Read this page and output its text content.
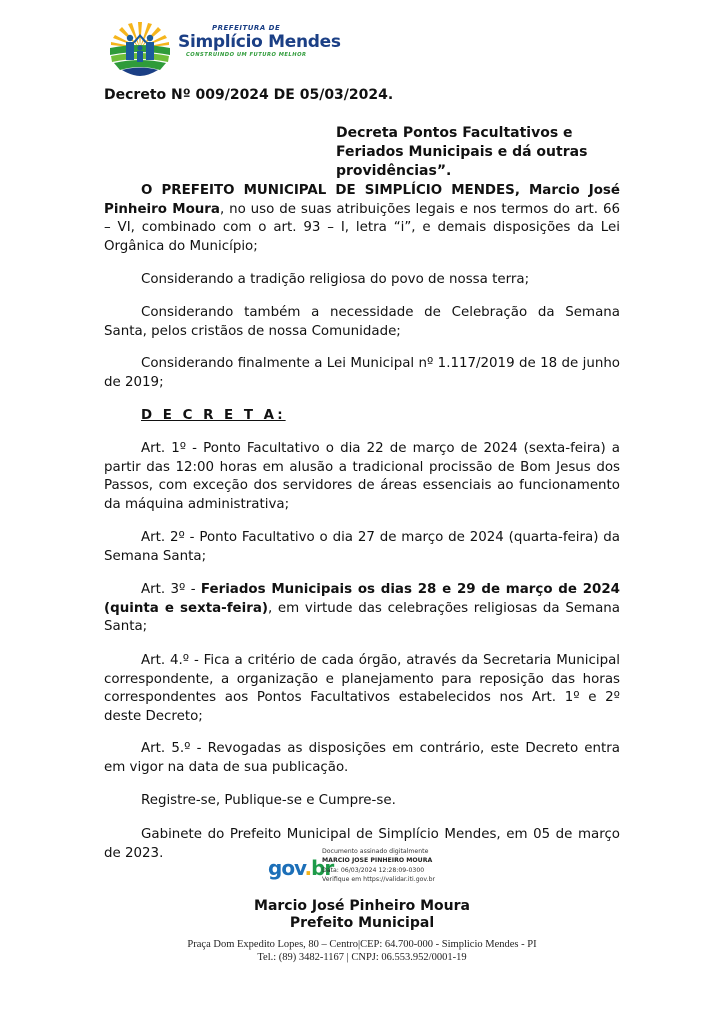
PREFEITURA DE
Simplício Mendes
CONSTRUINDO UM FUTURO MELHOR
Decreto Nº 009/2024 DE 05/03/2024.
Decreta Pontos Facultativos e Feriados Municipais e dá outras providências”.
O PREFEITO MUNICIPAL DE SIMPLÍCIO MENDES, Marcio José Pinheiro Moura, no uso de suas atribuições legais e nos termos do art. 66 – VI, combinado com o art. 93 – I, letra “i”, e demais disposições da Lei Orgânica do Município;
Considerando a tradição religiosa do povo de nossa terra;
Considerando também a necessidade de Celebração da Semana Santa, pelos cristãos de nossa Comunidade;
Considerando finalmente a Lei Municipal nº 1.117/2019 de 18 de junho de 2019;
D E C R E T A:
Art. 1º - Ponto Facultativo o dia 22 de março de 2024 (sexta-feira) a partir das 12:00 horas em alusão a tradicional procissão de Bom Jesus dos Passos, com exceção dos servidores de áreas essenciais ao funcionamento da máquina administrativa;
Art. 2º - Ponto Facultativo o dia 27 de março de 2024 (quarta-feira) da Semana Santa;
Art. 3º - Feriados Municipais os dias 28 e 29 de março de 2024 (quinta e sexta-feira), em virtude das celebrações religiosas da Semana Santa;
Art. 4.º - Fica a critério de cada órgão, através da Secretaria Municipal correspondente, a organização e planejamento para reposição das horas correspondentes aos Pontos Facultativos estabelecidos nos Art. 1º e 2º deste Decreto;
Art. 5.º - Revogadas as disposições em contrário, este Decreto entra em vigor na data de sua publicação.
Registre-se, Publique-se e Cumpre-se.
Gabinete do Prefeito Municipal de Simplício Mendes, em 05 de março de 2023.
gov.br
Documento assinado digitalmente
MARCIO JOSE PINHEIRO MOURA
Data: 06/03/2024 12:28:09-0300
Verifique em https://validar.iti.gov.br
Marcio José Pinheiro Moura
Prefeito Municipal
Praça Dom Expedito Lopes, 80 – Centro|CEP: 64.700-000 - Simplicio Mendes - PI
Tel.: (89) 3482-1167 | CNPJ: 06.553.952/0001-19
